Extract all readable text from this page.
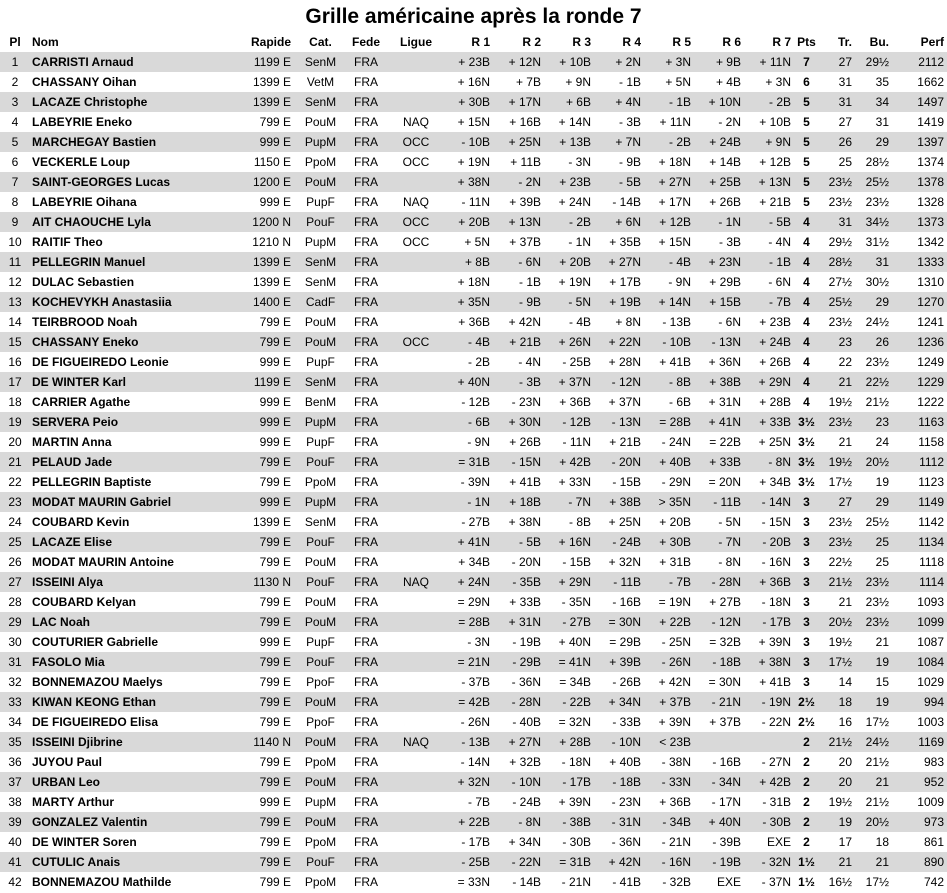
Grille américaine après la ronde 7
Pl	Nom	Rapide	Cat.	Fede	Ligue	R 1	R 2	R 3	R 4	R 5	R 6	R 7	Pts	Tr.	Bu.	Perf
1	CARRISTI Arnaud	1199 E	SenM	FRA		+ 23B	+ 12N	+ 10B	+ 2N	+ 3N	+ 9B	+ 11N	7	27	29½	2112
2	CHASSANY Oihan	1399 E	VetM	FRA		+ 16N	+ 7B	+ 9N	- 1B	+ 5N	+ 4B	+ 3N	6	31	35	1662
3	LACAZE Christophe	1399 E	SenM	FRA		+ 30B	+ 17N	+ 6B	+ 4N	- 1B	+ 10N	- 2B	5	31	34	1497
4	LABEYRIE Eneko	799 E	PouM	FRA	NAQ	+ 15N	+ 16B	+ 14N	- 3B	+ 11N	- 2N	+ 10B	5	27	31	1419
5	MARCHEGAY Bastien	999 E	PupM	FRA	OCC	- 10B	+ 25N	+ 13B	+ 7N	- 2B	+ 24B	+ 9N	5	26	29	1397
6	VECKERLE Loup	1150 E	PpoM	FRA	OCC	+ 19N	+ 11B	- 3N	- 9B	+ 18N	+ 14B	+ 12B	5	25	28½	1374
7	SAINT-GEORGES Lucas	1200 E	PouM	FRA		+ 38N	- 2N	+ 23B	- 5B	+ 27N	+ 25B	+ 13N	5	23½	25½	1378
8	LABEYRIE Oihana	999 E	PupF	FRA	NAQ	- 11N	+ 39B	+ 24N	- 14B	+ 17N	+ 26B	+ 21B	5	23½	23½	1328
9	AIT CHAOUCHE Lyla	1200 N	PouF	FRA	OCC	+ 20B	+ 13N	- 2B	+ 6N	+ 12B	- 1N	- 5B	4	31	34½	1373
10	RAITIF Theo	1210 N	PupM	FRA	OCC	+ 5N	+ 37B	- 1N	+ 35B	+ 15N	- 3B	- 4N	4	29½	31½	1342
11	PELLEGRIN Manuel	1399 E	SenM	FRA		+ 8B	- 6N	+ 20B	+ 27N	- 4B	+ 23N	- 1B	4	28½	31	1333
12	DULAC Sebastien	1399 E	SenM	FRA		+ 18N	- 1B	+ 19N	+ 17B	- 9N	+ 29B	- 6N	4	27½	30½	1310
13	KOCHEVYKH Anastasiia	1400 E	CadF	FRA		+ 35N	- 9B	- 5N	+ 19B	+ 14N	+ 15B	- 7B	4	25½	29	1270
14	TEIRBROOD Noah	799 E	PouM	FRA		+ 36B	+ 42N	- 4B	+ 8N	- 13B	- 6N	+ 23B	4	23½	24½	1241
15	CHASSANY Eneko	799 E	PouM	FRA	OCC	- 4B	+ 21B	+ 26N	+ 22N	- 10B	- 13N	+ 24B	4	23	26	1236
16	DE FIGUEIREDO Leonie	999 E	PupF	FRA		- 2B	- 4N	- 25B	+ 28N	+ 41B	+ 36N	+ 26B	4	22	23½	1249
17	DE WINTER Karl	1199 E	SenM	FRA		+ 40N	- 3B	+ 37N	- 12N	- 8B	+ 38B	+ 29N	4	21	22½	1229
18	CARRIER Agathe	999 E	BenM	FRA		- 12B	- 23N	+ 36B	+ 37N	- 6B	+ 31N	+ 28B	4	19½	21½	1222
19	SERVERA Peio	999 E	PupM	FRA		- 6B	+ 30N	- 12B	- 13N	= 28B	+ 41N	+ 33B	3½	23½	23	1163
20	MARTIN Anna	999 E	PupF	FRA		- 9N	+ 26B	- 11N	+ 21B	- 24N	= 22B	+ 25N	3½	21	24	1158
21	PELAUD Jade	799 E	PouF	FRA		= 31B	- 15N	+ 42B	- 20N	+ 40B	+ 33B	- 8N	3½	19½	20½	1112
22	PELLEGRIN Baptiste	799 E	PpoM	FRA		- 39N	+ 41B	+ 33N	- 15B	- 29N	= 20N	+ 34B	3½	17½	19	1123
23	MODAT MAURIN Gabriel	999 E	PupM	FRA		- 1N	+ 18B	- 7N	+ 38B	> 35N	- 11B	- 14N	3	27	29	1149
24	COUBARD Kevin	1399 E	SenM	FRA		- 27B	+ 38N	- 8B	+ 25N	+ 20B	- 5N	- 15N	3	23½	25½	1142
25	LACAZE Elise	799 E	PouF	FRA		+ 41N	- 5B	+ 16N	- 24B	+ 30B	- 7N	- 20B	3	23½	25	1134
26	MODAT MAURIN Antoine	799 E	PouM	FRA		+ 34B	- 20N	- 15B	+ 32N	+ 31B	- 8N	- 16N	3	22½	25	1118
27	ISSEINI Alya	1130 N	PouF	FRA	NAQ	+ 24N	- 35B	+ 29N	- 11B	- 7B	- 28N	+ 36B	3	21½	23½	1114
28	COUBARD Kelyan	799 E	PouM	FRA		= 29N	+ 33B	- 35N	- 16B	= 19N	+ 27B	- 18N	3	21	23½	1093
29	LAC Noah	799 E	PouM	FRA		= 28B	+ 31N	- 27B	= 30N	+ 22B	- 12N	- 17B	3	20½	23½	1099
30	COUTURIER Gabrielle	999 E	PupF	FRA		- 3N	- 19B	+ 40N	= 29B	- 25N	= 32B	+ 39N	3	19½	21	1087
31	FASOLO Mia	799 E	PouF	FRA		= 21N	- 29B	= 41N	+ 39B	- 26N	- 18B	+ 38N	3	17½	19	1084
32	BONNEMAZOU Maelys	799 E	PpoF	FRA		- 37B	- 36N	= 34B	- 26B	+ 42N	= 30N	+ 41B	3	14	15	1029
33	KIWAN KEONG Ethan	799 E	PouM	FRA		= 42B	- 28N	- 22B	+ 34N	+ 37B	- 21N	- 19N	2½	18	19	994
34	DE FIGUEIREDO Elisa	799 E	PpoF	FRA		- 26N	- 40B	= 32N	- 33B	+ 39N	+ 37B	- 22N	2½	16	17½	1003
35	ISSEINI Djibrine	1140 N	PouM	FRA	NAQ	- 13B	+ 27N	+ 28B	- 10N	< 23B			2	21½	24½	1169
36	JUYOU Paul	799 E	PpoM	FRA		- 14N	+ 32B	- 18N	+ 40B	- 38N	- 16B	- 27N	2	20	21½	983
37	URBAN Leo	799 E	PouM	FRA		+ 32N	- 10N	- 17B	- 18B	- 33N	- 34N	+ 42B	2	20	21	952
38	MARTY Arthur	999 E	PupM	FRA		- 7B	- 24B	+ 39N	- 23N	+ 36B	- 17N	- 31B	2	19½	21½	1009
39	GONZALEZ Valentin	799 E	PouM	FRA		+ 22B	- 8N	- 38B	- 31N	- 34B	+ 40N	- 30B	2	19	20½	973
40	DE WINTER Soren	799 E	PpoM	FRA		- 17B	+ 34N	- 30B	- 36N	- 21N	- 39B	EXE	2	17	18	861
41	CUTULIC Anais	799 E	PouF	FRA		- 25B	- 22N	= 31B	+ 42N	- 16N	- 19B	- 32N	1½	21	21	890
42	BONNEMAZOU Mathilde	799 E	PpoM	FRA		= 33N	- 14B	- 21N	- 41B	- 32B	EXE	- 37N	1½	16½	17½	742
